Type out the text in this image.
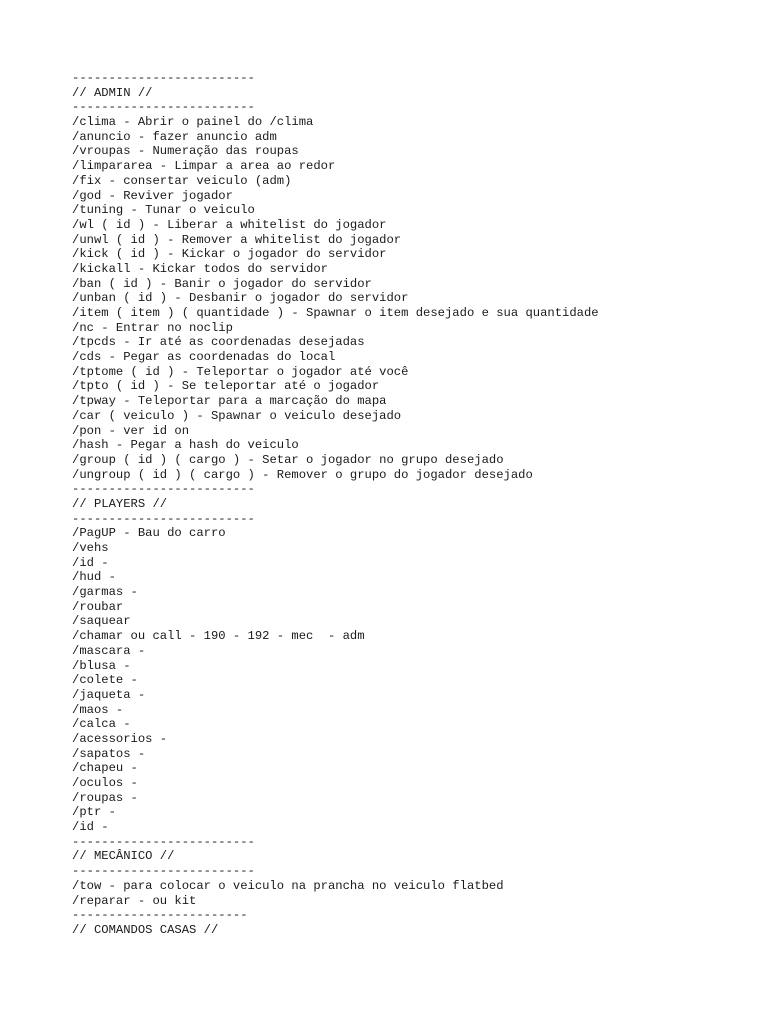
-------------------------
// ADMIN //
-------------------------
/clima - Abrir o painel do /clima
/anuncio - fazer anuncio adm
/vroupas - Numeração das roupas
/limpararea - Limpar a area ao redor
/fix - consertar veiculo (adm)
/god - Reviver jogador
/tuning - Tunar o veiculo
/wl ( id ) - Liberar a whitelist do jogador
/unwl ( id ) - Remover a whitelist do jogador
/kick ( id ) - Kickar o jogador do servidor
/kickall - Kickar todos do servidor
/ban ( id ) - Banir o jogador do servidor
/unban ( id ) - Desbanir o jogador do servidor
/item ( item ) ( quantidade ) - Spawnar o item desejado e sua quantidade
/nc - Entrar no noclip
/tpcds - Ir até as coordenadas desejadas
/cds - Pegar as coordenadas do local
/tptome ( id ) - Teleportar o jogador até você
/tpto ( id ) - Se teleportar até o jogador
/tpway - Teleportar para a marcação do mapa
/car ( veiculo ) - Spawnar o veiculo desejado
/pon - ver id on
/hash - Pegar a hash do veiculo
/group ( id ) ( cargo ) - Setar o jogador no grupo desejado
/ungroup ( id ) ( cargo ) - Remover o grupo do jogador desejado
-------------------------
// PLAYERS //
-------------------------
/PagUP - Bau do carro
/vehs
/id -
/hud -
/garmas -
/roubar
/saquear
/chamar ou call - 190 - 192 - mec  - adm
/mascara -
/blusa -
/colete -
/jaqueta -
/maos -
/calca -
/acessorios -
/sapatos -
/chapeu -
/oculos -
/roupas -
/ptr -
/id -
-------------------------
// MECÂNICO //
-------------------------
/tow - para colocar o veiculo na prancha no veiculo flatbed
/reparar - ou kit
------------------------
// COMANDOS CASAS //
